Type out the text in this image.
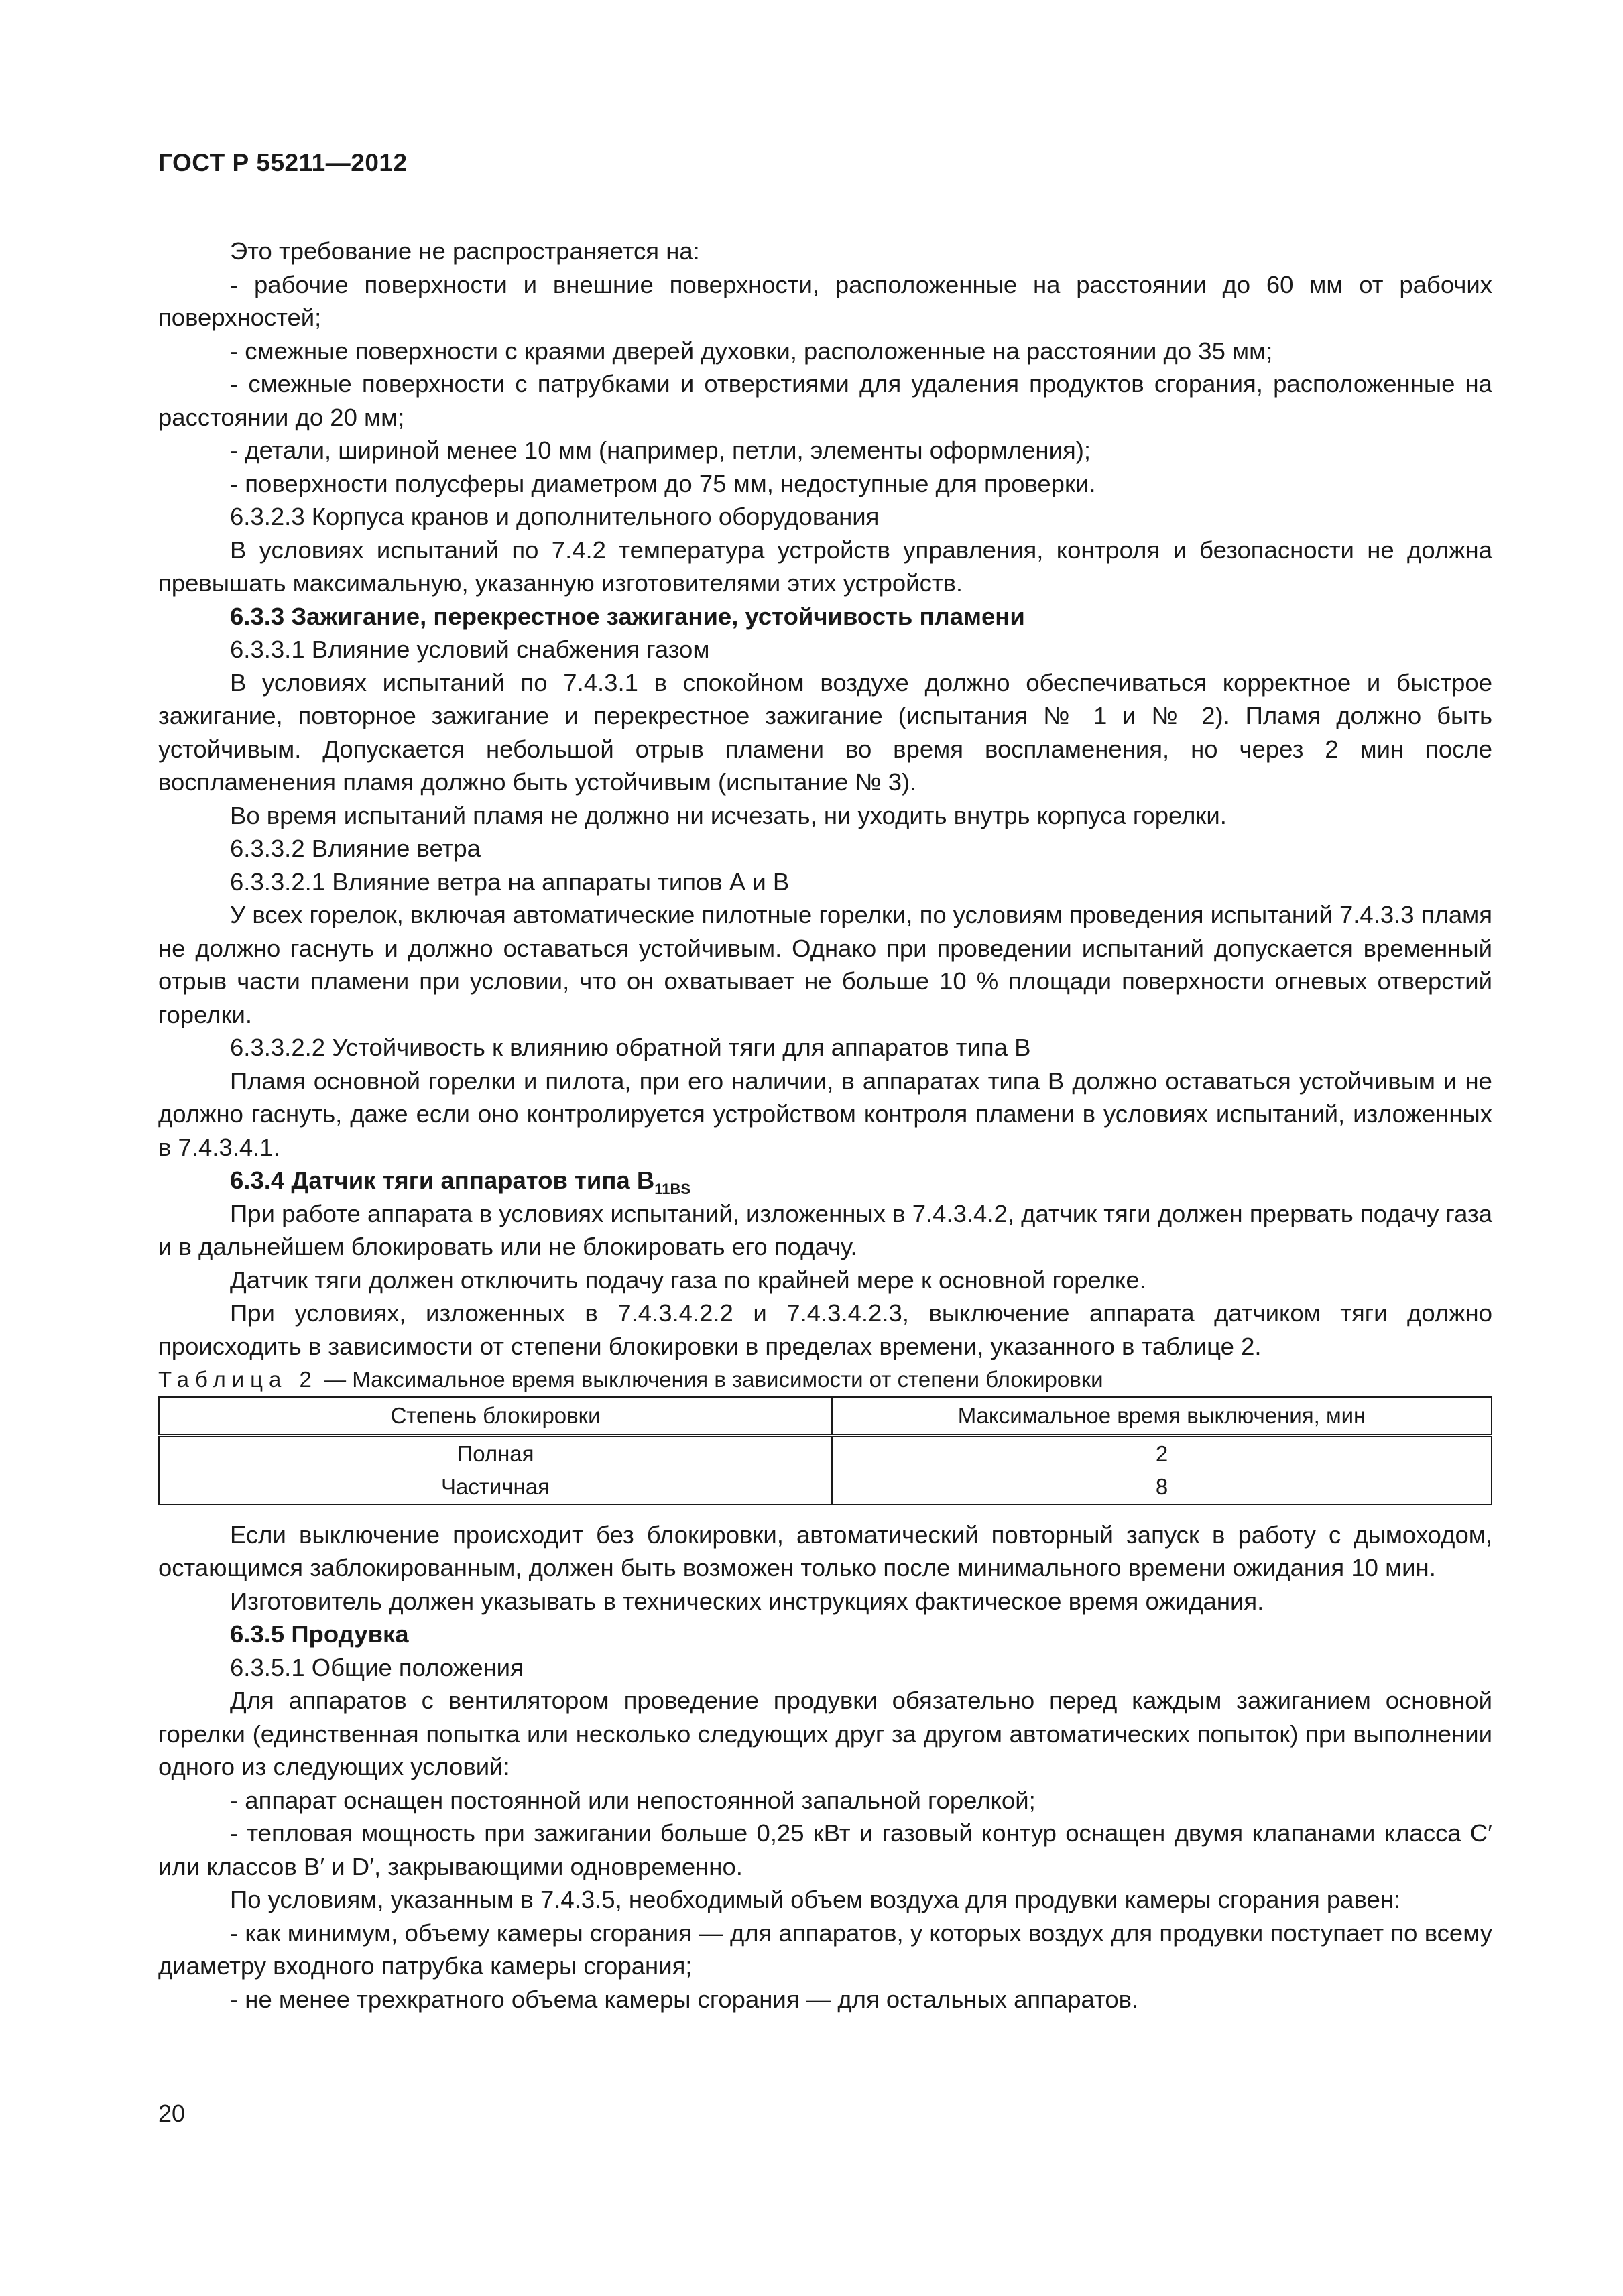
ГОСТ Р 55211—2012

Это требование не распространяется на:

- рабочие поверхности и внешние поверхности, расположенные на расстоянии до 60 мм от рабочих поверхностей;

- смежные поверхности с краями дверей духовки, расположенные на расстоянии до 35 мм;

- смежные поверхности с патрубками и отверстиями для удаления продуктов сгорания, расположенные на расстоянии до 20 мм;

- детали, шириной менее 10 мм (например, петли, элементы оформления);

- поверхности полусферы диаметром до 75 мм, недоступные для проверки.

6.3.2.3 Корпуса кранов и дополнительного оборудования

В условиях испытаний по 7.4.2 температура устройств управления, контроля и безопасности не должна превышать максимальную, указанную изготовителями этих устройств.

6.3.3 Зажигание, перекрестное зажигание, устойчивость пламени

6.3.3.1 Влияние условий снабжения газом

В условиях испытаний по 7.4.3.1 в спокойном воздухе должно обеспечиваться корректное и быстрое зажигание, повторное зажигание и перекрестное зажигание (испытания № 1 и № 2). Пламя должно быть устойчивым. Допускается небольшой отрыв пламени во время воспламенения, но через 2 мин после воспламенения пламя должно быть устойчивым (испытание № 3).

Во время испытаний пламя не должно ни исчезать, ни уходить внутрь корпуса горелки.

6.3.3.2 Влияние ветра

6.3.3.2.1 Влияние ветра на аппараты типов А и В

У всех горелок, включая автоматические пилотные горелки, по условиям проведения испытаний 7.4.3.3 пламя не должно гаснуть и должно оставаться устойчивым. Однако при проведении испытаний допускается временный отрыв части пламени при условии, что он охватывает не больше 10 % площади поверхности огневых отверстий горелки.

6.3.3.2.2 Устойчивость к влиянию обратной тяги для аппаратов типа В

Пламя основной горелки и пилота, при его наличии, в аппаратах типа В должно оставаться устойчивым и не должно гаснуть, даже если оно контролируется устройством контроля пламени в условиях испытаний, изложенных в 7.4.3.4.1.

6.3.4 Датчик тяги аппаратов типа $В_{11BS}$

При работе аппарата в условиях испытаний, изложенных в 7.4.3.4.2, датчик тяги должен прервать подачу газа и в дальнейшем блокировать или не блокировать его подачу.

Датчик тяги должен отключить подачу газа по крайней мере к основной горелке.

При условиях, изложенных в 7.4.3.4.2.2 и 7.4.3.4.2.3, выключение аппарата датчиком тяги должно происходить в зависимости от степени блокировки в пределах времени, указанного в таблице 2.

Таблица 2 — Максимальное время выключения в зависимости от степени блокировки

Степень блокировки	Максимальное время выключения, мин
Полная	2
Частичная	8

Если выключение происходит без блокировки, автоматический повторный запуск в работу с дымоходом, остающимся заблокированным, должен быть возможен только после минимального времени ожидания 10 мин.

Изготовитель должен указывать в технических инструкциях фактическое время ожидания.

6.3.5 Продувка

6.3.5.1 Общие положения

Для аппаратов с вентилятором проведение продувки обязательно перед каждым зажиганием основной горелки (единственная попытка или несколько следующих друг за другом автоматических попыток) при выполнении одного из следующих условий:

- аппарат оснащен постоянной или непостоянной запальной горелкой;

- тепловая мощность при зажигании больше 0,25 кВт и газовый контур оснащен двумя клапанами класса С′ или классов В′ и D′, закрывающими одновременно.

По условиям, указанным в 7.4.3.5, необходимый объем воздуха для продувки камеры сгорания равен:

- как минимум, объему камеры сгорания — для аппаратов, у которых воздух для продувки поступает по всему диаметру входного патрубка камеры сгорания;

- не менее трехкратного объема камеры сгорания — для остальных аппаратов.

20
